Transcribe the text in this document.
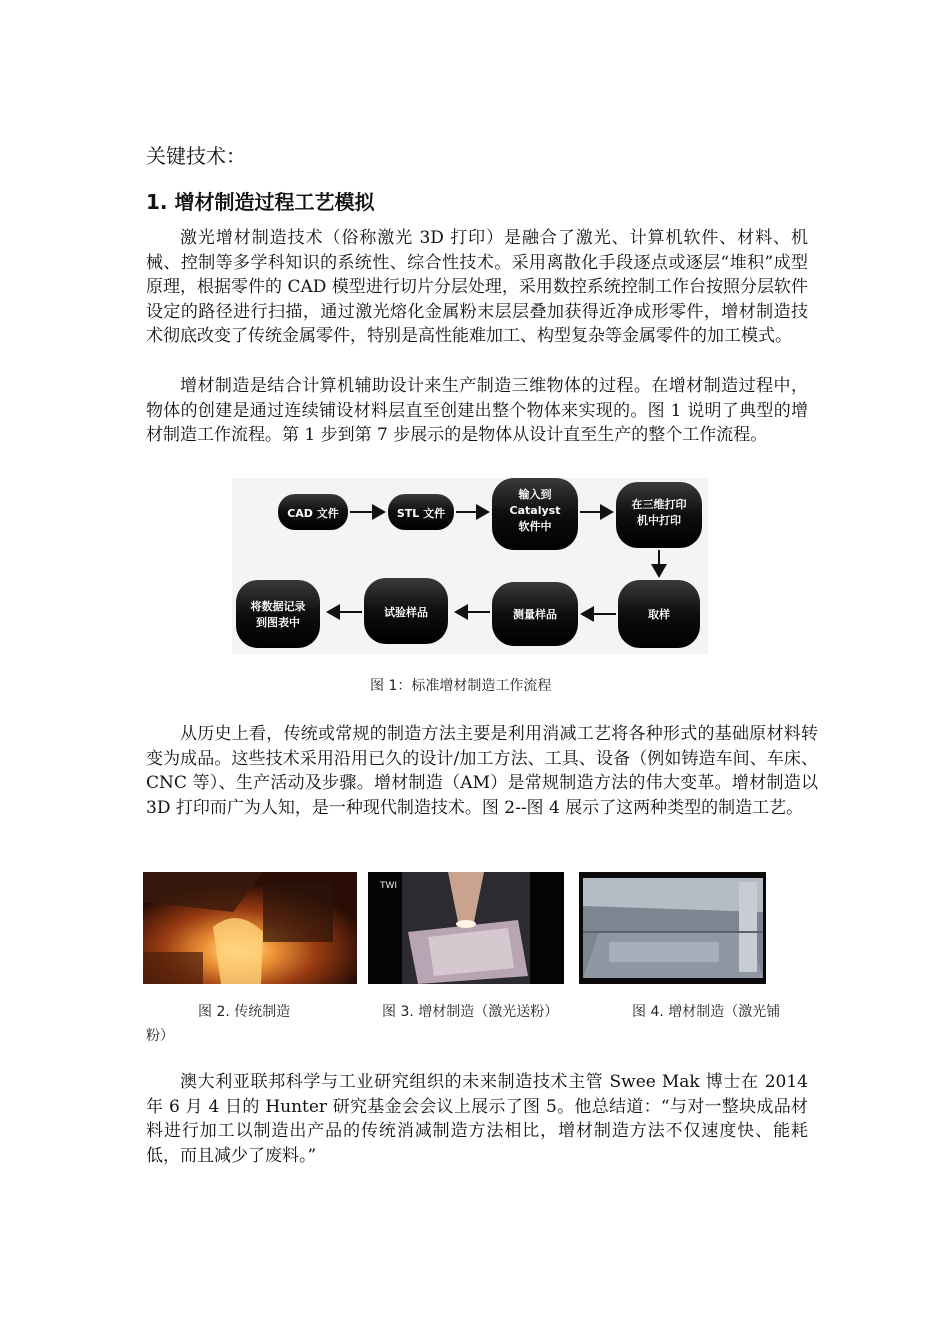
关键技术：
1. 增材制造过程工艺模拟

激光增材制造技术（俗称激光 3D 打印）是融合了激光、计算机软件、材料、机械、控制等多学科知识的系统性、综合性技术。采用离散化手段逐点或逐层“堆积”成型原理，根据零件的 CAD 模型进行切片分层处理，采用数控系统控制工作台按照分层软件设定的路径进行扫描，通过激光熔化金属粉末层层叠加获得近净成形零件，增材制造技术彻底改变了传统金属零件，特别是高性能难加工、构型复杂等金属零件的加工模式。

增材制造是结合计算机辅助设计来生产制造三维物体的过程。在增材制造过程中，物体的创建是通过连续铺设材料层直至创建出整个物体来实现的。图 1 说明了典型的增材制造工作流程。第 1 步到第 7 步展示的是物体从设计直至生产的整个工作流程。

CAD 文件	STL 文件
输入到
Catalyst
软件中
在三维打印
机中打印
取样
测量样品
试验样品
将数据记录
到图表中
图 1：标准增材制造工作流程

从历史上看，传统或常规的制造方法主要是利用消减工艺将各种形式的基础原材料转变为成品。这些技术采用沿用已久的设计/加工方法、工具、设备（例如铸造车间、车床、CNC 等）、生产活动及步骤。增材制造（AM）是常规制造方法的伟大变革。增材制造以 3D 打印而广为人知，是一种现代制造技术。图 2--图 4 展示了这两种类型的制造工艺。

TWI
图 2. 传统制造	图 3. 增材制造（激光送粉）	图 4. 增材制造（激光铺
粉）

澳大利亚联邦科学与工业研究组织的未来制造技术主管 Swee Mak 博士在 2014 年 6 月 4 日的 Hunter 研究基金会会议上展示了图 5。他总结道：“与对一整块成品材料进行加工以制造出产品的传统消减制造方法相比，增材制造方法不仅速度快、能耗低，而且减少了废料。”
